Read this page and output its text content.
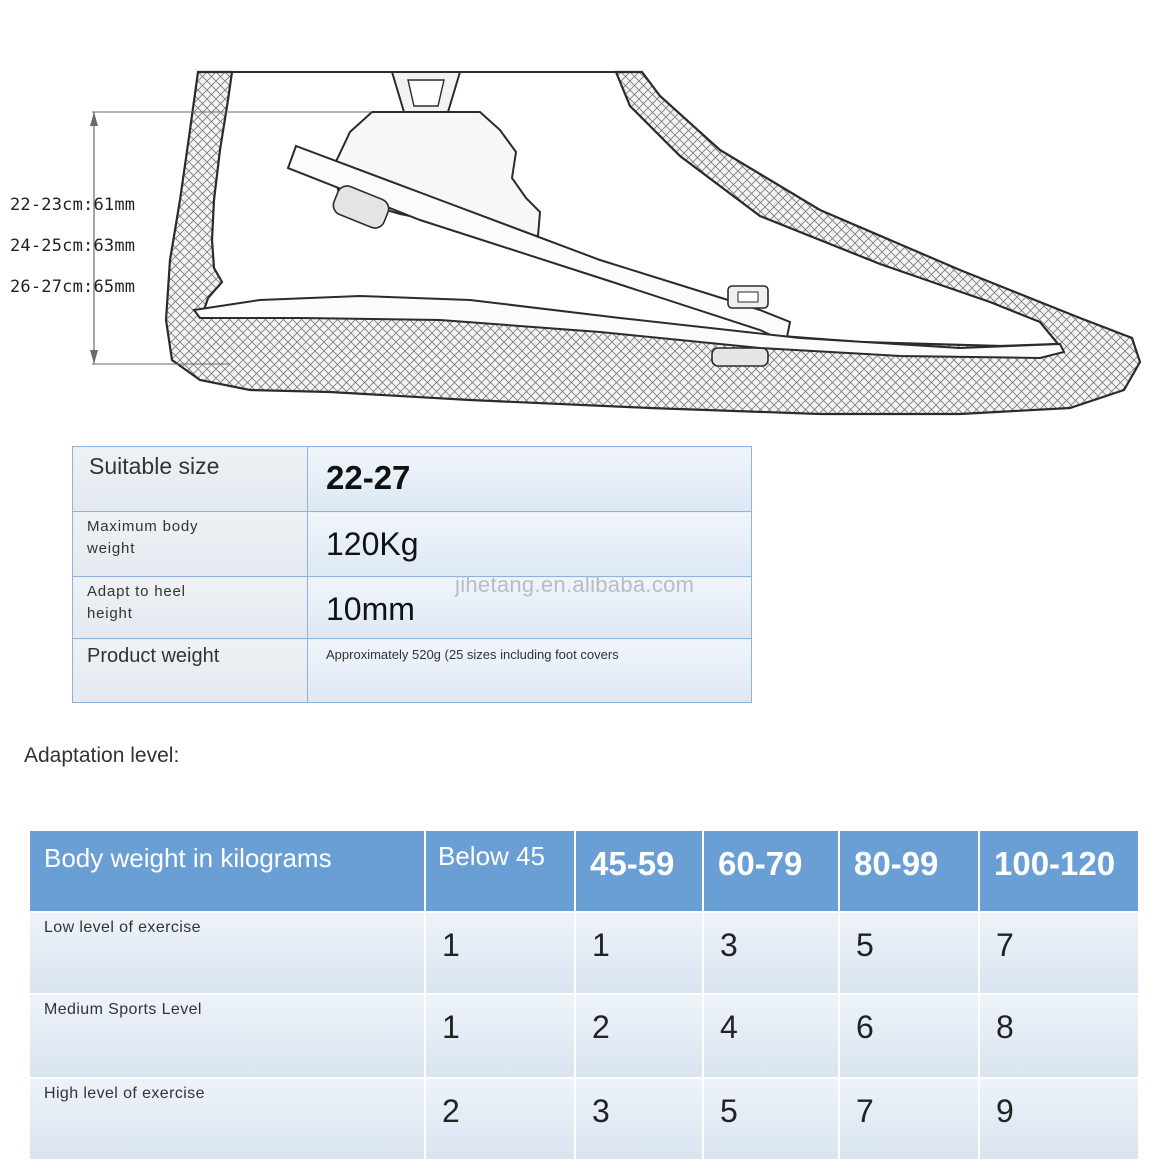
22-23cm:61mm
24-25cm:63mm
26-27cm:65mm
Suitable size	22-27

Maximum body weight	120Kg

Adapt to heel height	10mm

Product weight	Approximately 520g (25 sizes including foot covers
jihetang.en.alibaba.com
Adaptation level:
Body weight in kilograms	Below 45	45-59	60-79	80-99	100-120
Low level of exercise	1	1	3	5	7
Medium Sports Level	1	2	4	6	8
High level of exercise	2	3	5	7	9
